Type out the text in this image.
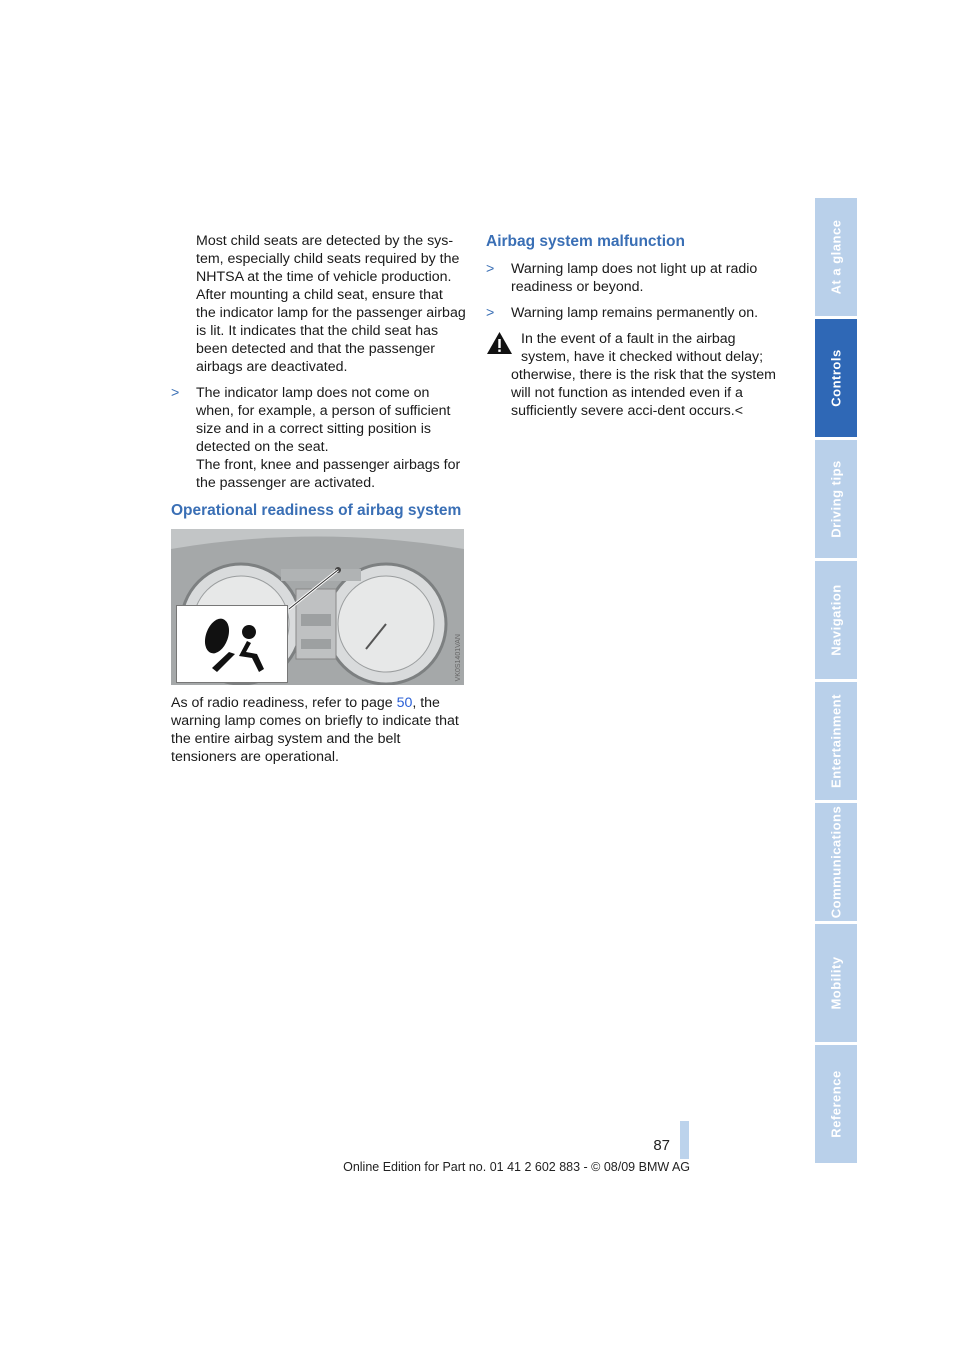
Most child seats are detected by the sys-tem, especially child seats required by the NHTSA at the time of vehicle production. After mounting a child seat, ensure that the indicator lamp for the passenger airbag is lit. It indicates that the child seat has been detected and that the passenger airbags are deactivated.

> The indicator lamp does not come on when, for example, a person of sufficient size and in a correct sitting position is detected on the seat.
The front, knee and passenger airbags for the passenger are activated.

Operational readiness of airbag system
VK0S1401VAN

As of radio readiness, refer to page 50, the warning lamp comes on briefly to indicate that the entire airbag system and the belt tensioners are operational.

Airbag system malfunction

> Warning lamp does not light up at radio readiness or beyond.

> Warning lamp remains permanently on.

In the event of a fault in the airbag system, have it checked without delay; otherwise, there is the risk that the system will not function as intended even if a sufficiently severe acci-dent occurs.<

87
Online Edition for Part no. 01 41 2 602 883 - © 08/09 BMW AG
At a glance
Controls
Driving tips
Navigation
Entertainment
Communications
Mobility
Reference
